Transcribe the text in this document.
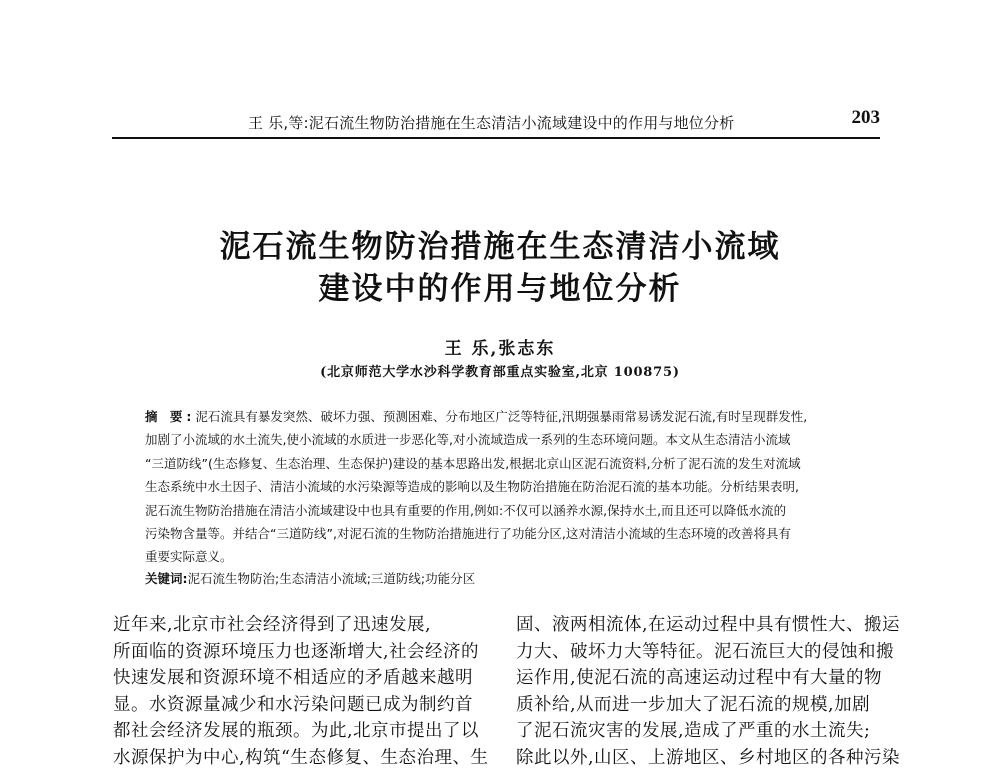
王 乐,等:泥石流生物防治措施在生态清洁小流域建设中的作用与地位分析	203
泥石流生物防治措施在生态清洁小流域
建设中的作用与地位分析
王 乐,张志东
(北京师范大学水沙科学教育部重点实验室,北京 100875)
摘 要:泥石流具有暴发突然、破坏力强、预测困难、分布地区广泛等特征,汛期强暴雨常易诱发泥石流,有时呈现群发性,
加剧了小流域的水土流失,使小流域的水质进一步恶化等,对小流域造成一系列的生态环境问题。本文从生态清洁小流域
“三道防线”(生态修复、生态治理、生态保护)建设的基本思路出发,根据北京山区泥石流资料,分析了泥石流的发生对流域
生态系统中水土因子、清洁小流域的水污染源等造成的影响以及生物防治措施在防治泥石流的基本功能。分析结果表明,
泥石流生物防治措施在清洁小流域建设中也具有重要的作用,例如:不仅可以涵养水源,保持水土,而且还可以降低水流的
污染物含量等。并结合“三道防线”,对泥石流的生物防治措施进行了功能分区,这对清洁小流域的生态环境的改善将具有
重要实际意义。
关键词:泥石流生物防治;生态清洁小流域;三道防线;功能分区
近年来,北京市社会经济得到了迅速发展,
所面临的资源环境压力也逐渐增大,社会经济的
快速发展和资源环境不相适应的矛盾越来越明
显。水资源量减少和水污染问题已成为制约首
都社会经济发展的瓶颈。为此,北京市提出了以
水源保护为中心,构筑“生态修复、生态治理、生
固、液两相流体,在运动过程中具有惯性大、搬运
力大、破坏力大等特征。泥石流巨大的侵蚀和搬
运作用,使泥石流的高速运动过程中有大量的物
质补给,从而进一步加大了泥石流的规模,加剧
了泥石流灾害的发展,造成了严重的水土流失;
除此以外,山区、上游地区、乡村地区的各种污染
